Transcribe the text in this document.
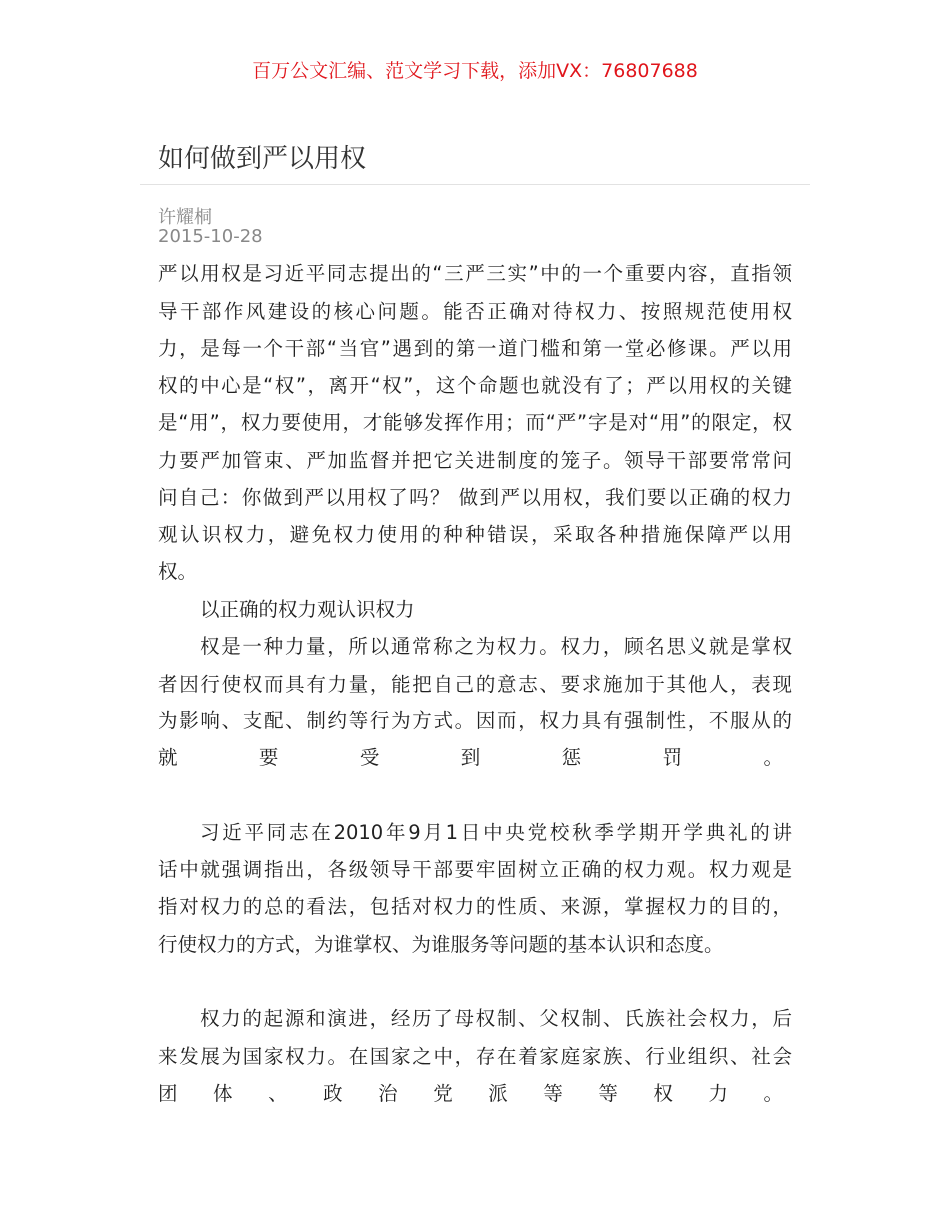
百万公文汇编、范文学习下载，添加VX：76807688
如何做到严以用权
许耀桐
2015-10-28
严以用权是习近平同志提出的“三严三实”中的一个重要内容，直指领
导干部作风建设的核心问题。能否正确对待权力、按照规范使用权
力，是每一个干部“当官”遇到的第一道门槛和第一堂必修课。严以用
权的中心是“权”，离开“权”，这个命题也就没有了；严以用权的关键
是“用”，权力要使用，才能够发挥作用；而“严”字是对“用”的限定，权
力要严加管束、严加监督并把它关进制度的笼子。领导干部要常常问
问自己：你做到严以用权了吗？ 做到严以用权，我们要以正确的权力
观认识权力，避免权力使用的种种错误，采取各种措施保障严以用
权。
以正确的权力观认识权力
权是一种力量，所以通常称之为权力。权力，顾名思义就是掌权
者因行使权而具有力量，能把自己的意志、要求施加于其他人，表现
为影响、支配、制约等行为方式。因而，权力具有强制性，不服从的
就 要 受 到 惩 罚 。
习近平同志在2010年9月1日中央党校秋季学期开学典礼的讲
话中就强调指出，各级领导干部要牢固树立正确的权力观。权力观是
指对权力的总的看法，包括对权力的性质、来源，掌握权力的目的，
行使权力的方式，为谁掌权、为谁服务等问题的基本认识和态度。
权力的起源和演进，经历了母权制、父权制、氏族社会权力，后
来发展为国家权力。在国家之中，存在着家庭家族、行业组织、社会
团 体 、 政 治 党 派 等 等 权 力 。
